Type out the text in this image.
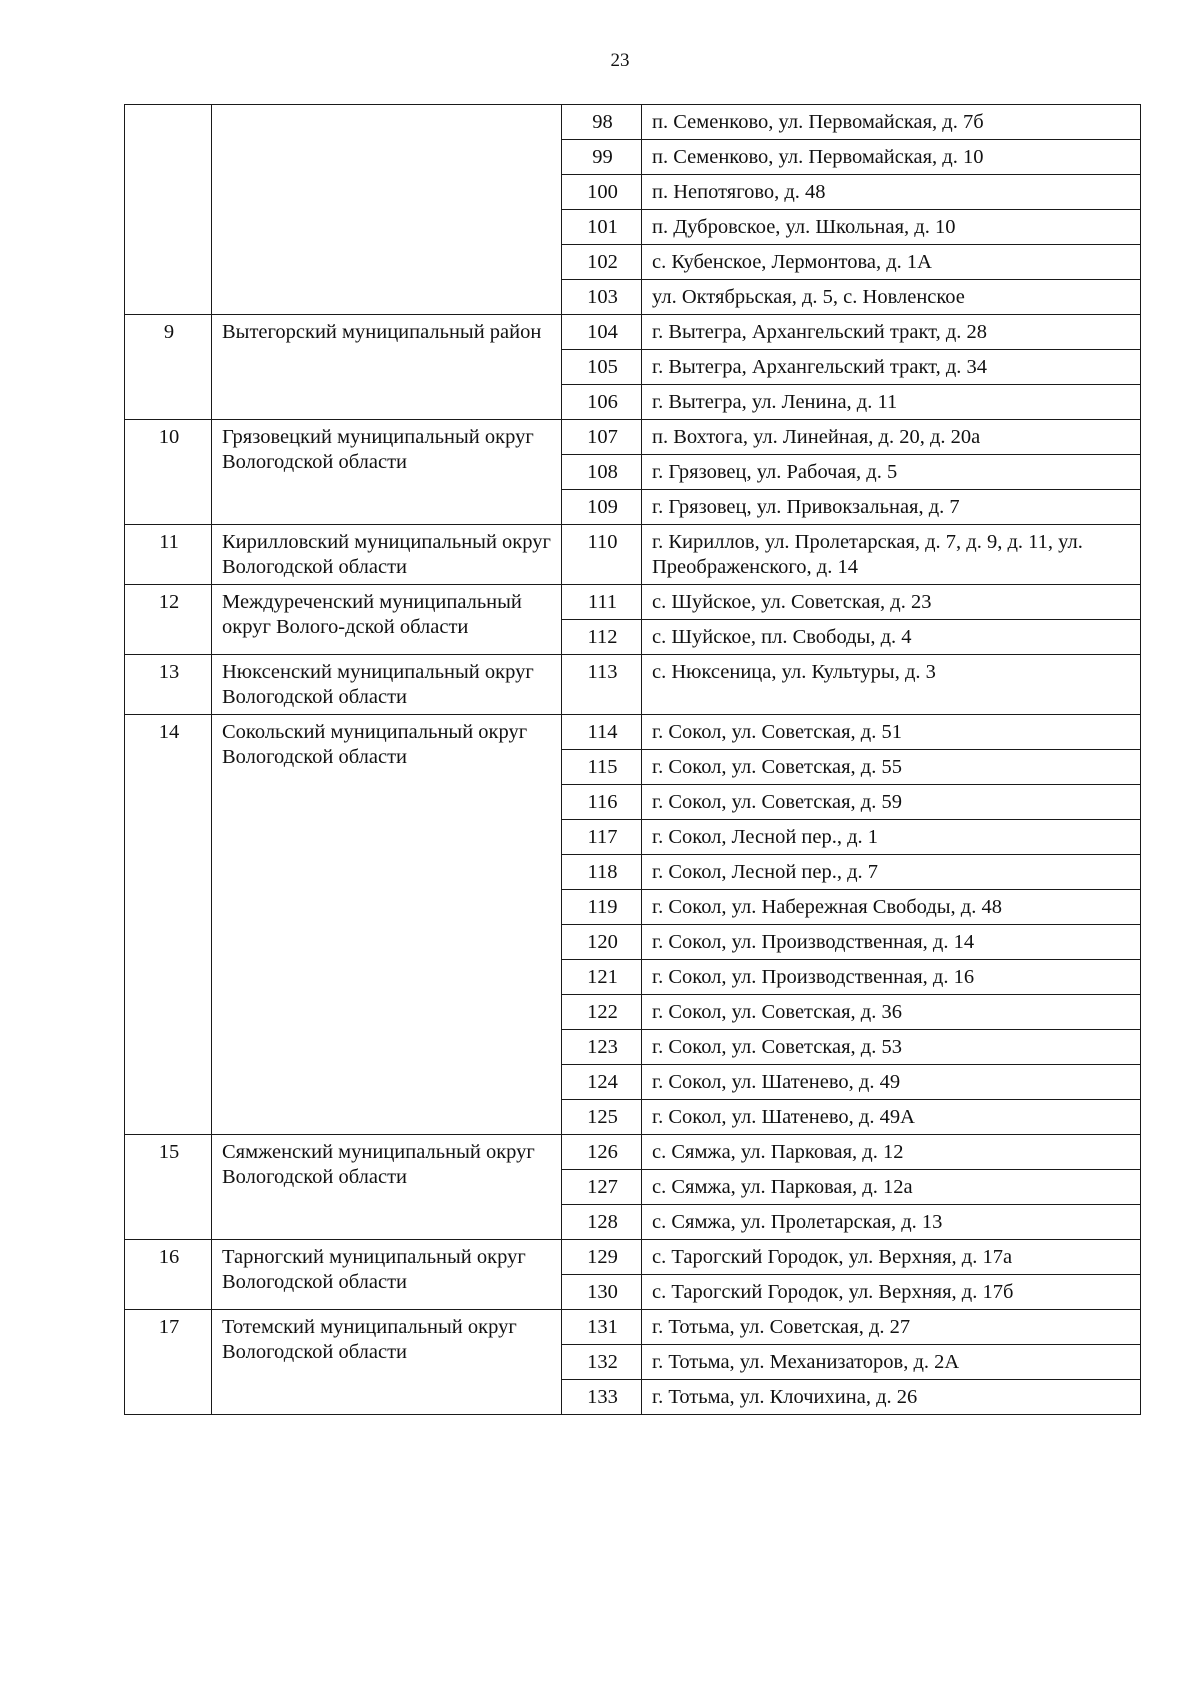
23
		98	п. Семенково, ул. Первомайская, д. 7б
		99	п. Семенково, ул. Первомайская, д. 10
		100	п. Непотягово, д. 48
		101	п. Дубровское, ул. Школьная, д. 10
		102	с. Кубенское, Лермонтова, д. 1А
		103	ул. Октябрьская, д. 5, с. Новленское
9	Вытегорский муниципальный район	104	г. Вытегра, Архангельский тракт, д. 28
		105	г. Вытегра, Архангельский тракт, д. 34
		106	г. Вытегра, ул. Ленина, д. 11
10	Грязовецкий муниципальный округ Вологодской области	107	п. Вохтога, ул. Линейная, д. 20, д. 20а
		108	г. Грязовец, ул. Рабочая, д. 5
		109	г. Грязовец, ул. Привокзальная, д. 7
11	Кирилловский муниципальный округ Вологодской области	110	г. Кириллов, ул. Пролетарская, д. 7, д. 9, д. 11, ул. Преображенского, д. 14
12	Междуреченский муниципальный округ Волого-дской области	111	с. Шуйское, ул. Советская, д. 23
		112	с. Шуйское, пл. Свободы, д. 4
13	Нюксенский муниципальный округ Вологодской области	113	с. Нюксеница, ул. Культуры, д. 3
14	Сокольский муниципальный округ Вологодской области	114	г. Сокол, ул. Советская, д. 51
		115	г. Сокол, ул. Советская, д. 55
		116	г. Сокол, ул. Советская, д. 59
		117	г. Сокол, Лесной пер., д. 1
		118	г. Сокол, Лесной пер., д. 7
		119	г. Сокол, ул. Набережная Свободы, д. 48
		120	г. Сокол, ул. Производственная, д. 14
		121	г. Сокол, ул. Производственная, д. 16
		122	г. Сокол, ул. Советская, д. 36
		123	г. Сокол, ул. Советская, д. 53
		124	г. Сокол, ул. Шатенево, д. 49
		125	г. Сокол, ул. Шатенево, д. 49А
15	Сямженский муниципальный округ Вологодской области	126	с. Сямжа, ул. Парковая, д. 12
		127	с. Сямжа, ул. Парковая, д. 12а
		128	с. Сямжа, ул. Пролетарская, д. 13
16	Тарногский муниципальный округ Вологодской области	129	с. Тарогский Городок, ул. Верхняя, д. 17а
		130	с. Тарогский Городок, ул. Верхняя, д. 17б
17	Тотемский муниципальный округ Вологодской области	131	г. Тотьма, ул. Советская, д. 27
		132	г. Тотьма, ул. Механизаторов, д. 2А
		133	г. Тотьма, ул. Клочихина, д. 26
